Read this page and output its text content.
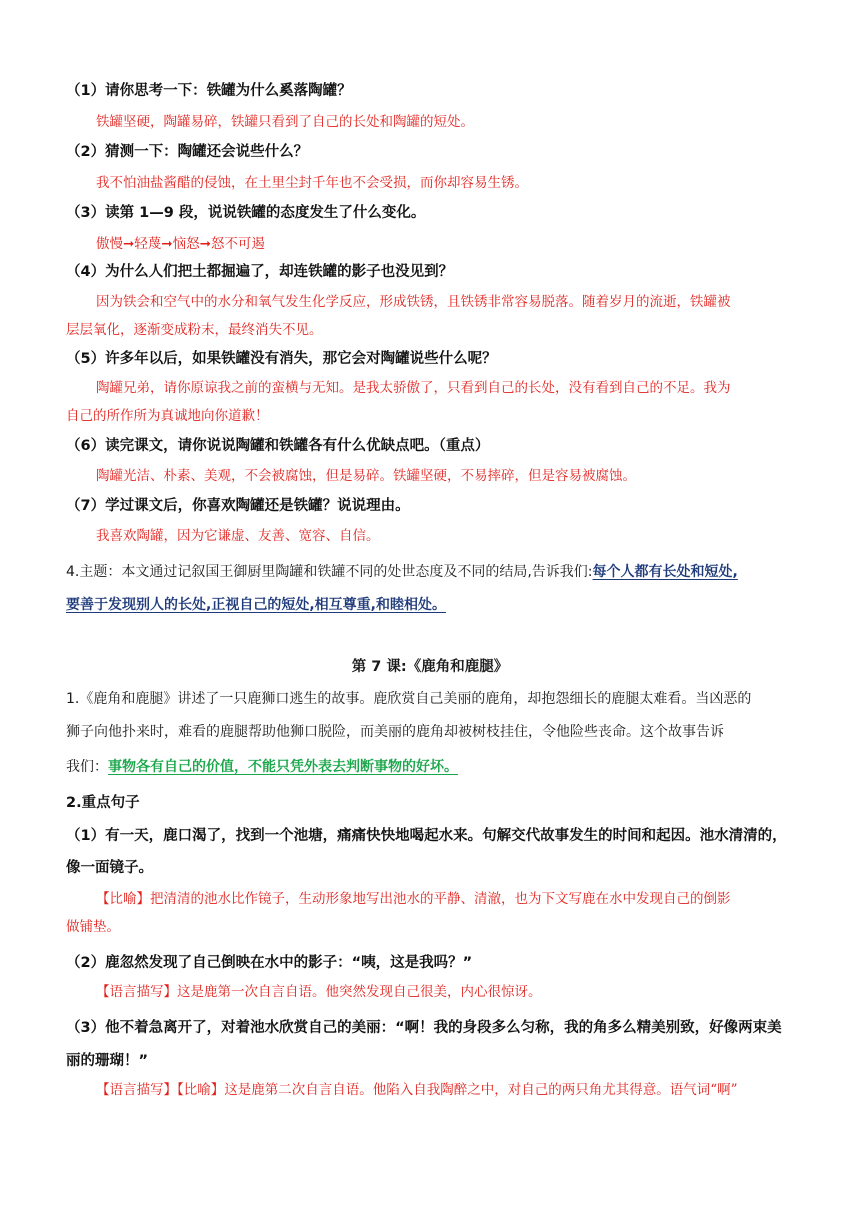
（1）请你思考一下：铁罐为什么奚落陶罐？
铁罐坚硬，陶罐易碎，铁罐只看到了自己的长处和陶罐的短处。
（2）猜测一下：陶罐还会说些什么？
我不怕油盐酱醋的侵蚀，在土里尘封千年也不会受损，而你却容易生锈。
（3）读第 1—9 段，说说铁罐的态度发生了什么变化。
傲慢➞轻蔑➞恼怒➞怒不可遏
（4）为什么人们把土都掘遍了，却连铁罐的影子也没见到？
因为铁会和空气中的水分和氧气发生化学反应，形成铁锈，且铁锈非常容易脱落。随着岁月的流逝，铁罐被
层层氧化，逐渐变成粉末，最终消失不见。
（5）许多年以后，如果铁罐没有消失，那它会对陶罐说些什么呢？
陶罐兄弟，请你原谅我之前的蛮横与无知。是我太骄傲了，只看到自己的长处，没有看到自己的不足。我为
自己的所作所为真诚地向你道歉！
（6）读完课文，请你说说陶罐和铁罐各有什么优缺点吧。（重点）
陶罐光洁、朴素、美观，不会被腐蚀，但是易碎。铁罐坚硬，不易摔碎，但是容易被腐蚀。
（7）学过课文后，你喜欢陶罐还是铁罐？说说理由。
我喜欢陶罐，因为它谦虚、友善、宽容、自信。
4.主题：本文通过记叙国王御厨里陶罐和铁罐不同的处世态度及不同的结局,告诉我们:每个人都有长处和短处,
要善于发现别人的长处,正视自己的短处,相互尊重,和睦相处。
第 7 课:《鹿角和鹿腿》
1.《鹿角和鹿腿》讲述了一只鹿狮口逃生的故事。鹿欣赏自己美丽的鹿角，却抱怨细长的鹿腿太难看。当凶恶的
狮子向他扑来时，难看的鹿腿帮助他狮口脱险，而美丽的鹿角却被树枝挂住，令他险些丧命。这个故事告诉
我们：事物各有自己的价值，不能只凭外表去判断事物的好坏。
2.重点句子
（1）有一天，鹿口渴了，找到一个池塘，痛痛快快地喝起水来。句解交代故事发生的时间和起因。池水清清的，
像一面镜子。
【比喻】把清清的池水比作镜子，生动形象地写出池水的平静、清澈，也为下文写鹿在水中发现自己的倒影
做铺垫。
（2）鹿忽然发现了自己倒映在水中的影子：“咦，这是我吗？”
【语言描写】这是鹿第一次自言自语。他突然发现自己很美，内心很惊讶。
（3）他不着急离开了，对着池水欣赏自己的美丽：“啊！我的身段多么匀称，我的角多么精美别致，好像两束美
丽的珊瑚！”
【语言描写】【比喻】这是鹿第二次自言自语。他陷入自我陶醉之中，对自己的两只角尤其得意。语气词“啊”
